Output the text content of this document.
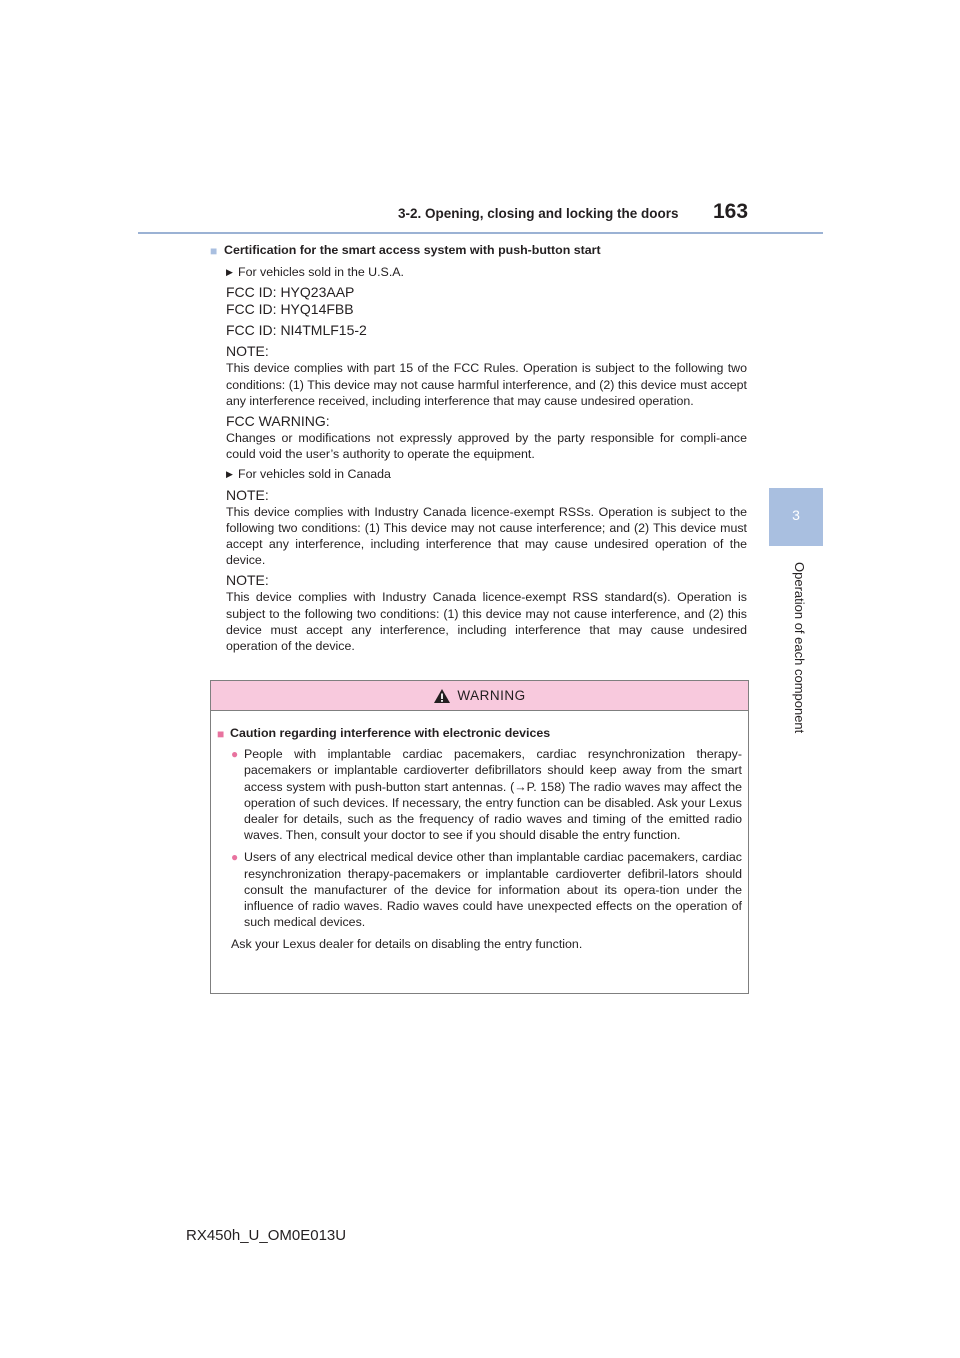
3-2. Opening, closing and locking the doors 163
3
Operation of each component
■ Certification for the smart access system with push-button start
▶ For vehicles sold in the U.S.A.
FCC ID: HYQ23AAP
FCC ID: HYQ14FBB
FCC ID: NI4TMLF15-2
NOTE:
This device complies with part 15 of the FCC Rules. Operation is subject to the following two conditions: (1) This device may not cause harmful interference, and (2) this device must accept any interference received, including interference that may cause undesired operation.
FCC WARNING:
Changes or modifications not expressly approved by the party responsible for compli-ance could void the user’s authority to operate the equipment.
▶ For vehicles sold in Canada
NOTE:
This device complies with Industry Canada licence-exempt RSSs. Operation is subject to the following two conditions: (1) This device may not cause interference; and (2) This device must accept any interference, including interference that may cause undesired operation of the device.
NOTE:
This device complies with Industry Canada licence-exempt RSS standard(s). Operation is subject to the following two conditions: (1) this device may not cause interference, and (2) this device must accept any interference, including interference that may cause undesired operation of the device.
WARNING
■ Caution regarding interference with electronic devices
● People with implantable cardiac pacemakers, cardiac resynchronization therapy-pacemakers or implantable cardioverter defibrillators should keep away from the smart access system with push-button start antennas. (→P. 158) The radio waves may affect the operation of such devices. If necessary, the entry function can be disabled. Ask your Lexus dealer for details, such as the frequency of radio waves and timing of the emitted radio waves. Then, consult your doctor to see if you should disable the entry function.
● Users of any electrical medical device other than implantable cardiac pacemakers, cardiac resynchronization therapy-pacemakers or implantable cardioverter defibril-lators should consult the manufacturer of the device for information about its opera-tion under the influence of radio waves. Radio waves could have unexpected effects on the operation of such medical devices.
Ask your Lexus dealer for details on disabling the entry function.
RX450h_U_OM0E013U
